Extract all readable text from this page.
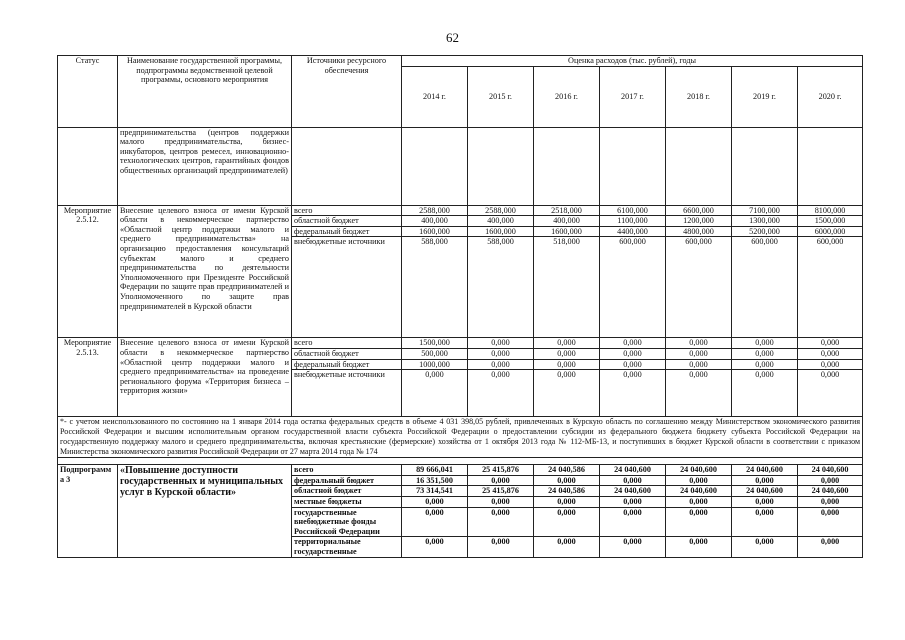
62
Статус	Наименование государственной программы, подпрограммы ведомственной целевой программы, основного мероприятия	Источники ресурсного обеспечения	Оценка расходов (тыс. рублей), годы						
			2014 г.	2015 г.	2016 г.	2017 г.	2018 г.	2019 г.	2020 г.
	предпринимательства (центров поддержки малого предпринимательства, бизнес-инкубаторов, центров ремесел, инновационно-технологических центров, гарантийных фондов общественных организаций предпринимателей)								
Мероприятие 2.5.12.	Внесение целевого взноса от имени Курской области в некоммерческое партнерство «Областной центр поддержки малого и среднего предпринимательства» на организацию предоставления консультаций субъектам малого и среднего предпринимательства по деятельности Уполномоченного при Президенте Российской Федерации по защите прав предпринимателей и Уполномоченного по защите прав предпринимателей в Курской области	всего	2588,000	2588,000	2518,000	6100,000	6600,000	7100,000	8100,000
		областной бюджет	400,000	400,000	400,000	1100,000	1200,000	1300,000	1500,000
		федеральный бюджет	1600,000	1600,000	1600,000	4400,000	4800,000	5200,000	6000,000
		внебюджетные источники	588,000	588,000	518,000	600,000	600,000	600,000	600,000
Мероприятие 2.5.13.	Внесение целевого взноса от имени Курской области в некоммерческое партнерство «Областной центр поддержки малого и среднего предпринимательства» на проведение регионального форума «Территория бизнеса – территория жизни»	всего	1500,000	0,000	0,000	0,000	0,000	0,000	0,000
		областной бюджет	500,000	0,000	0,000	0,000	0,000	0,000	0,000
		федеральный бюджет	1000,000	0,000	0,000	0,000	0,000	0,000	0,000
		внебюджетные источники	0,000	0,000	0,000	0,000	0,000	0,000	0,000
*- с учетом неиспользованного по состоянию на 1 января 2014 года остатка федеральных средств в объеме 4 031 398,05 рублей, привлеченных в Курскую область по соглашению между Министерством экономического развития Российской Федерации и высшим исполнительным органом государственной власти субъекта Российской Федерации о предоставлении субсидии из федерального бюджета бюджету субъекта Российской Федерации на государственную поддержку малого и среднего предпринимательства, включая крестьянские (фермерские) хозяйства от 1 октября 2013 года № 112-МБ-13, и поступивших в бюджет Курской области в соответствии с приказом Министерства экономического развития Российской Федерации от 27 марта 2014 года № 174									

Подпрограмма 3	«Повышение доступности государственных и муниципальных услуг в Курской области»	всего	89 666,041	25 415,876	24 040,586	24 040,600	24 040,600	24 040,600	24 040,600
		федеральный бюджет	16 351,500	0,000	0,000	0,000	0,000	0,000	0,000
		областной бюджет	73 314,541	25 415,876	24 040,586	24 040,600	24 040,600	24 040,600	24 040,600
		местные бюджеты	0,000	0,000	0,000	0,000	0,000	0,000	0,000
		государственные внебюджетные фонды Российской Федерации	0,000	0,000	0,000	0,000	0,000	0,000	0,000
		территориальные государственные	0,000	0,000	0,000	0,000	0,000	0,000	0,000
